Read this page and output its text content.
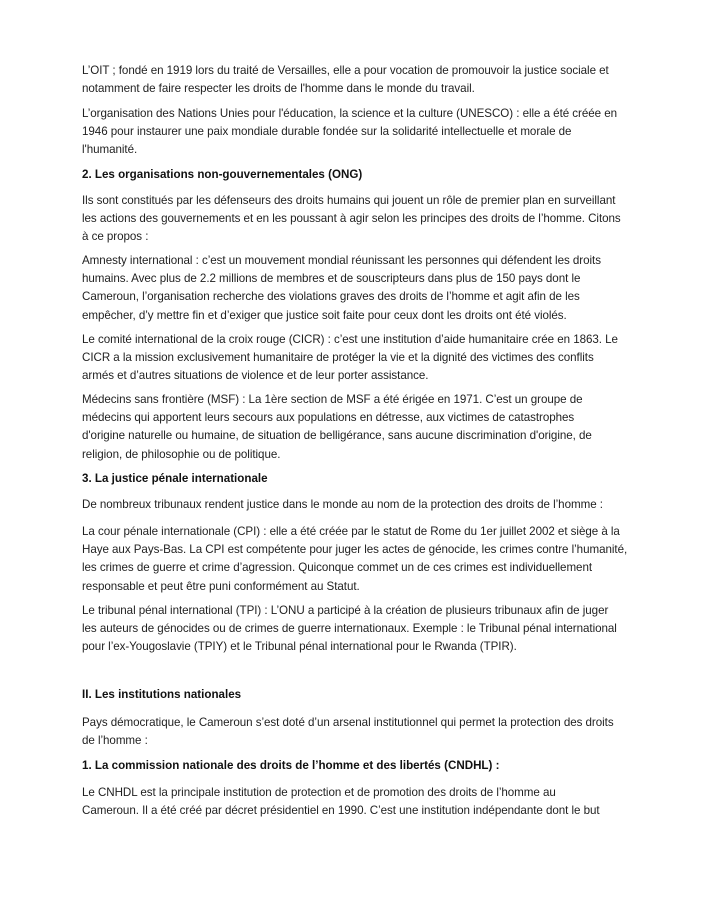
L’OIT ; fondé en 1919 lors du traité de Versailles, elle a pour vocation de promouvoir la justice sociale et
notamment de faire respecter les droits de l'homme dans le monde du travail.

L’organisation des Nations Unies pour l'éducation, la science et la culture (UNESCO) : elle a été créée en
1946 pour instaurer une paix mondiale durable fondée sur la solidarité intellectuelle et morale de
l'humanité.

2. Les organisations non-gouvernementales (ONG)

Ils sont constitués par les défenseurs des droits humains qui jouent un rôle de premier plan en surveillant
les actions des gouvernements et en les poussant à agir selon les principes des droits de l’homme. Citons
à ce propos :

Amnesty international : c’est un mouvement mondial réunissant les personnes qui défendent les droits
humains. Avec plus de 2.2 millions de membres et de souscripteurs dans plus de 150 pays dont le
Cameroun, l’organisation recherche des violations graves des droits de l’homme et agit afin de les
empêcher, d’y mettre fin et d’exiger que justice soit faite pour ceux dont les droits ont été violés.

Le comité international de la croix rouge (CICR) : c’est une institution d’aide humanitaire crée en 1863. Le
CICR a la mission exclusivement humanitaire de protéger la vie et la dignité des victimes des conflits
armés et d’autres situations de violence et de leur porter assistance.

Médecins sans frontière (MSF) : La 1ère section de MSF a été érigée en 1971. C’est un groupe de
médecins qui apportent leurs secours aux populations en détresse, aux victimes de catastrophes
d'origine naturelle ou humaine, de situation de belligérance, sans aucune discrimination d'origine, de
religion, de philosophie ou de politique.

3. La justice pénale internationale

De nombreux tribunaux rendent justice dans le monde au nom de la protection des droits de l’homme :

La cour pénale internationale (CPI) : elle a été créée par le statut de Rome du 1er juillet 2002 et siège à la
Haye aux Pays-Bas. La CPI est compétente pour juger les actes de génocide, les crimes contre l’humanité,
les crimes de guerre et crime d’agression. Quiconque commet un de ces crimes est individuellement
responsable et peut être puni conformément au Statut.

Le tribunal pénal international (TPI) : L’ONU a participé à la création de plusieurs tribunaux afin de juger
les auteurs de génocides ou de crimes de guerre internationaux. Exemple : le Tribunal pénal international
pour l’ex-Yougoslavie (TPIY) et le Tribunal pénal international pour le Rwanda (TPIR).

II. Les institutions nationales

Pays démocratique, le Cameroun s’est doté d’un arsenal institutionnel qui permet la protection des droits
de l’homme :

1. La commission nationale des droits de l’homme et des libertés (CNDHL) :

Le CNHDL est la principale institution de protection et de promotion des droits de l’homme au
Cameroun. Il a été créé par décret présidentiel en 1990. C’est une institution indépendante dont le but
